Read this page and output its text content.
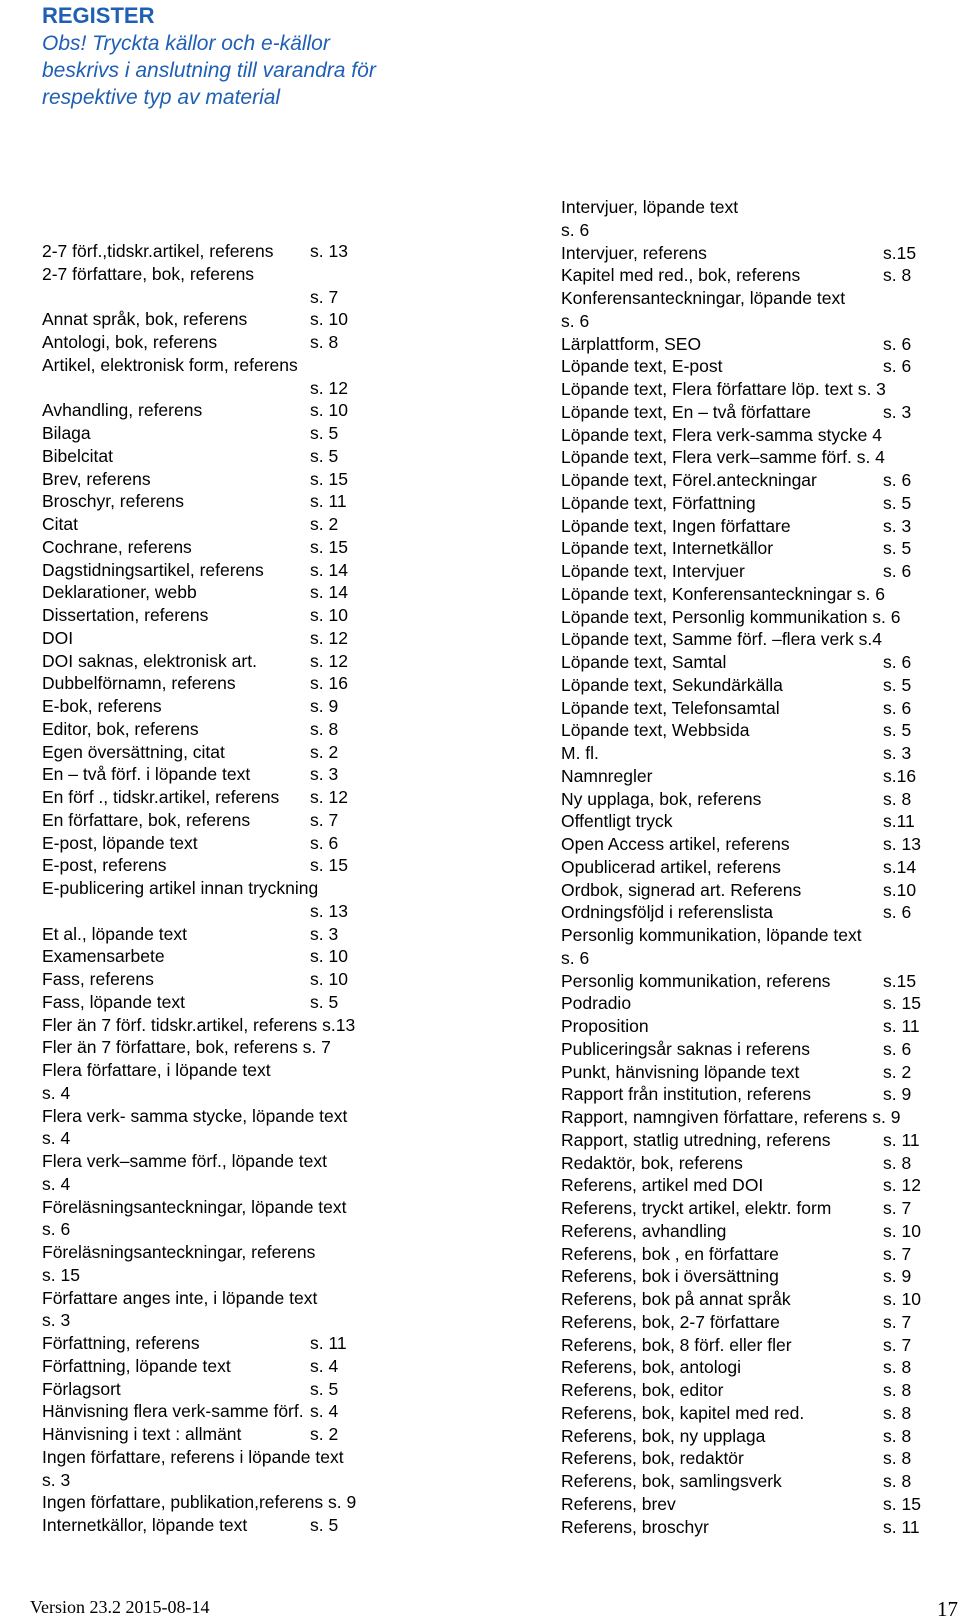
REGISTER
Obs! Tryckta källor och e-källor
beskrivs i anslutning till varandra för
respektive typ av material
2-7 förf.,tidskr.artikel, referens s. 13
2-7 författare, bok, referens
s. 7
Annat språk, bok, referens	s. 10
Antologi, bok, referens	s. 8
Artikel, elektronisk form, referens
s. 12
Avhandling, referens	s. 10
Bilaga	s. 5
Bibelcitat	s. 5
Brev, referens	s. 15
Broschyr, referens	s. 11
Citat	s. 2
Cochrane, referens	s. 15
Dagstidningsartikel, referens	s. 14
Deklarationer, webb	s. 14
Dissertation, referens	s. 10
DOI	s. 12
DOI saknas, elektronisk art.	s. 12
Dubbelförnamn, referens	s. 16
E-bok, referens	s. 9
Editor, bok, referens	s. 8
Egen översättning, citat	s. 2
En – två förf. i löpande text	s. 3
En förf ., tidskr.artikel, referens s. 12
En författare, bok, referens	s. 7
E-post, löpande text	s. 6
E-post, referens	s. 15
E-publicering artikel innan tryckning
s. 13
Et al., löpande text	s. 3
Examensarbete	s. 10
Fass, referens	s. 10
Fass, löpande text	s. 5
Fler än 7 förf. tidskr.artikel, referens s.13
Fler än 7 författare, bok, referens s. 7
Flera författare, i löpande text
s. 4
Flera verk- samma stycke, löpande text
s. 4
Flera verk–samme förf., löpande text
s. 4
Föreläsningsanteckningar, löpande text
s. 6
Föreläsningsanteckningar, referens
s. 15
Författare anges inte, i löpande text
s. 3
Författning, referens	s. 11
Författning, löpande text	s. 4
Förlagsort	s. 5
Hänvisning flera verk-samme förf. s. 4
Hänvisning i text : allmänt	s. 2
Ingen författare, referens i löpande text
s. 3
Ingen författare, publikation,referens s. 9
Internetkällor, löpande text	s. 5
Intervjuer, löpande text
s. 6
Intervjuer, referens	s.15
Kapitel med red., bok, referens	s. 8
Konferensanteckningar, löpande text
s. 6
Lärplattform, SEO	s. 6
Löpande text, E-post	s. 6
Löpande text, Flera författare löp. text s. 3
Löpande text, En – två författare	s. 3
Löpande text, Flera verk-samma stycke 4
Löpande text, Flera verk–samme förf. s. 4
Löpande text, Förel.anteckningar	s. 6
Löpande text, Författning	s. 5
Löpande text, Ingen författare	s. 3
Löpande text, Internetkällor	s. 5
Löpande text, Intervjuer	s. 6
Löpande text, Konferensanteckningar s. 6
Löpande text, Personlig kommunikation s. 6
Löpande text, Samme förf. –flera verk s.4
Löpande text, Samtal	s. 6
Löpande text, Sekundärkälla	s. 5
Löpande text, Telefonsamtal	s. 6
Löpande text, Webbsida	s. 5
M. fl.	s. 3
Namnregler	s.16
Ny upplaga, bok, referens	s. 8
Offentligt tryck	s.11
Open Access artikel, referens	s. 13
Opublicerad artikel, referens	s.14
Ordbok, signerad art. Referens	s.10
Ordningsföljd i referenslista	s. 6
Personlig kommunikation, löpande text
s. 6
Personlig kommunikation, referens	s.15
Podradio	s. 15
Proposition	s. 11
Publiceringsår saknas i referens	s. 6
Punkt, hänvisning löpande text	s. 2
Rapport från institution, referens	s. 9
Rapport, namngiven författare, referens s. 9
Rapport, statlig utredning, referens	s. 11
Redaktör, bok, referens	s. 8
Referens, artikel med DOI	s. 12
Referens, tryckt artikel, elektr. form	s. 7
Referens, avhandling	s. 10
Referens, bok , en författare	s. 7
Referens, bok i översättning	s. 9
Referens, bok på annat språk	s. 10
Referens, bok, 2-7 författare	s. 7
Referens, bok, 8 förf. eller fler	s. 7
Referens, bok, antologi	s. 8
Referens, bok, editor	s. 8
Referens, bok, kapitel med red.	s. 8
Referens, bok, ny upplaga	s. 8
Referens, bok, redaktör	s. 8
Referens, bok, samlingsverk	s. 8
Referens, brev	s. 15
Referens, broschyr	s. 11
Version 23.2 2015-08-14	17
